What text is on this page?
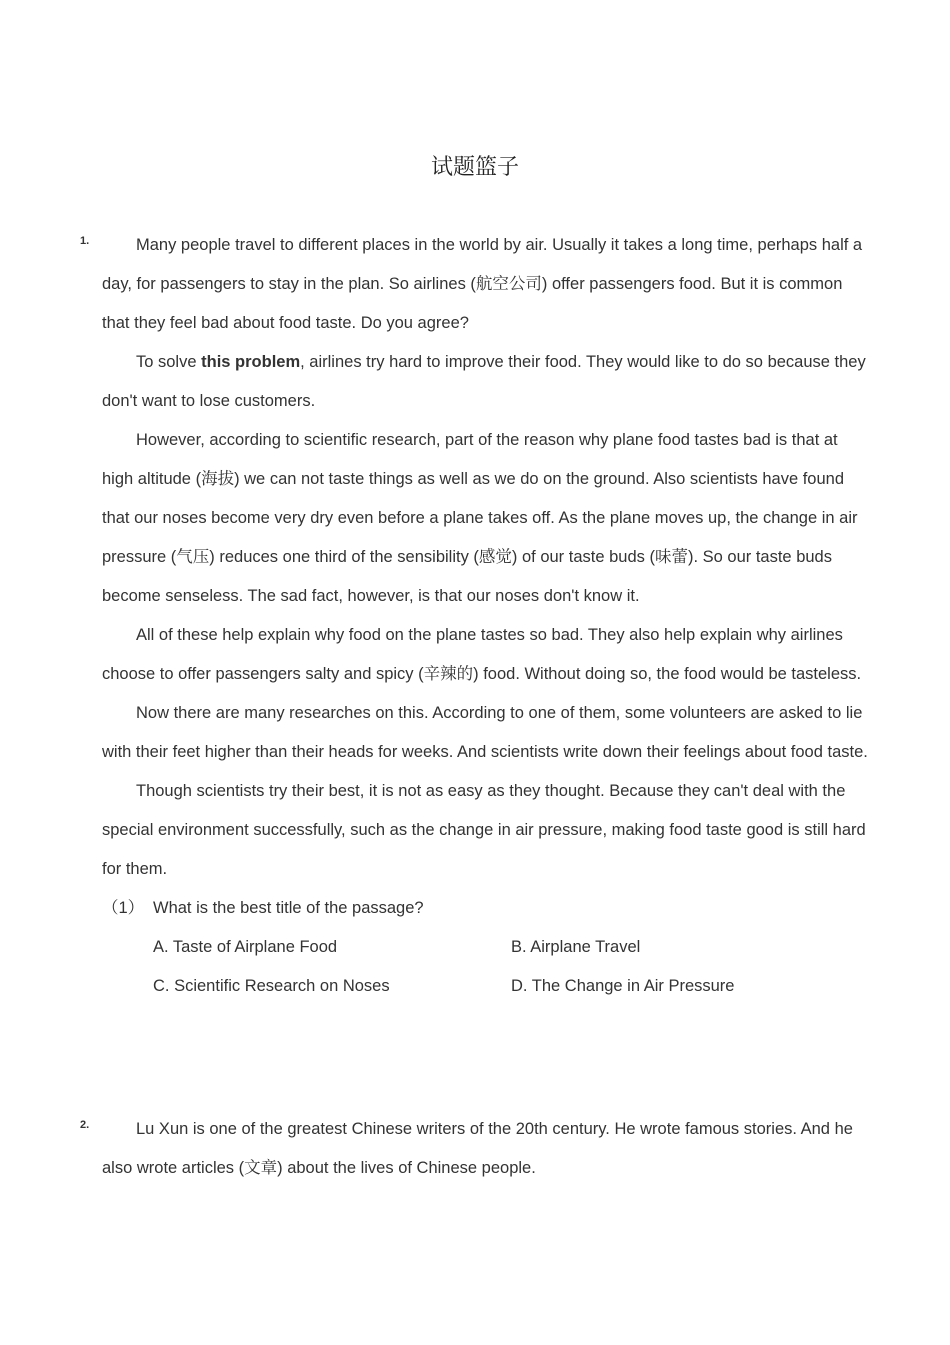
试题篮子
1.	Many people travel to different places in the world by air. Usually it takes a long time, perhaps half a day, for passengers to stay in the plan. So airlines (航空公司) offer passengers food. But it is common that they feel bad about food taste. Do you agree?

To solve this problem, airlines try hard to improve their food. They would like to do so because they don't want to lose customers.

However, according to scientific research, part of the reason why plane food tastes bad is that at high altitude (海拔) we can not taste things as well as we do on the ground. Also scientists have found that our noses become very dry even before a plane takes off. As the plane moves up, the change in air pressure (气压) reduces one third of the sensibility (感觉) of our taste buds (味蕾). So our taste buds become senseless. The sad fact, however, is that our noses don't know it.

All of these help explain why food on the plane tastes so bad. They also help explain why airlines choose to offer passengers salty and spicy (辛辣的) food. Without doing so, the food would be tasteless.

Now there are many researches on this. According to one of them, some volunteers are asked to lie with their feet higher than their heads for weeks. And scientists write down their feelings about food taste.

Though scientists try their best, it is not as easy as they thought. Because they can't deal with the special environment successfully, such as the change in air pressure, making food taste good is still hard for them.

（1） What is the best title of the passage?

A. Taste of Airplane Food	B. Airplane Travel
C. Scientific Research on Noses	D. The Change in Air Pressure
2.	Lu Xun is one of the greatest Chinese writers of the 20th century. He wrote famous stories. And he also wrote articles (文章) about the lives of Chinese people.
